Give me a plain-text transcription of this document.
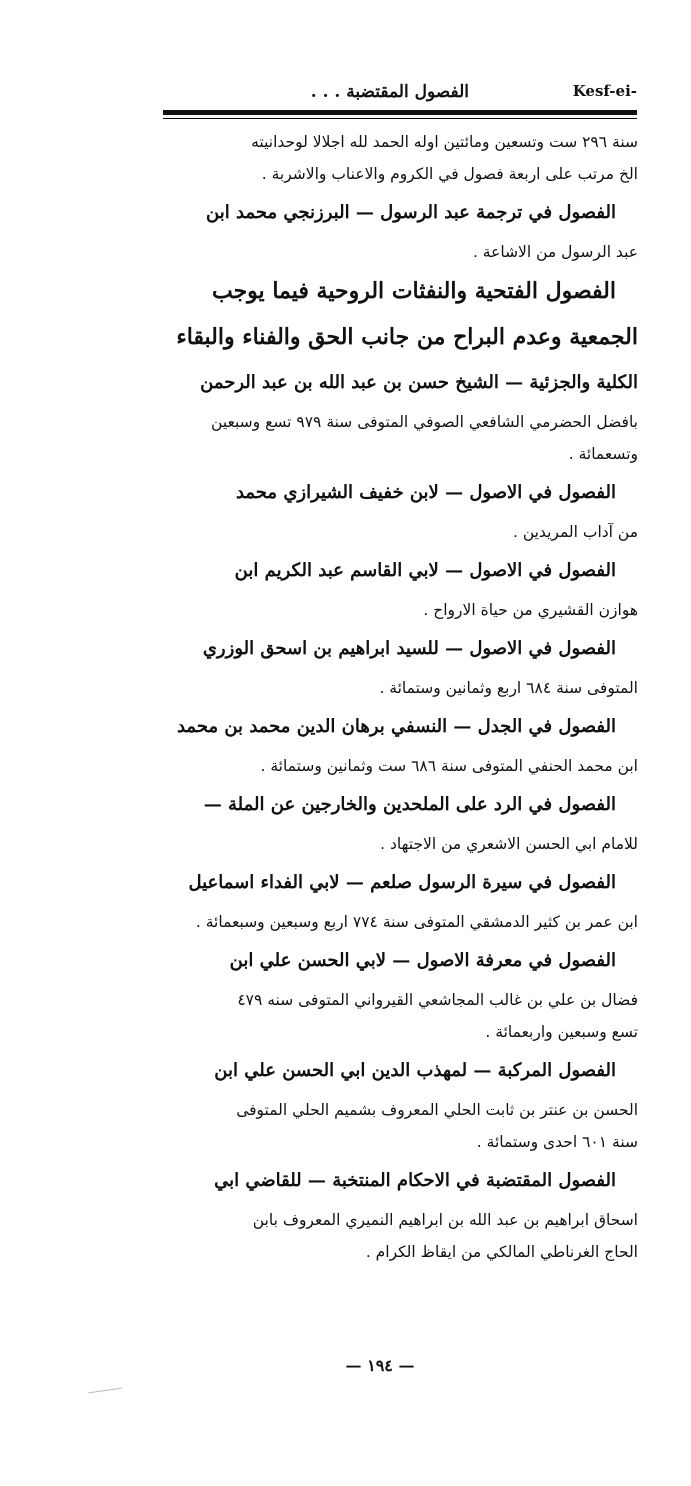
الفصول المقتضبة . . .	Kesf-ei-
سنة ٢٩٦ ست وتسعين ومائتين اوله الحمد لله اجلالا لوحدانيته
الخ مرتب على اربعة فصول في الكروم والاعناب والاشربة .
الفصول في ترجمة عبد الرسول — البرزنجي محمد ابن
عبد الرسول من الاشاعة .
الفصول الفتحية والنفثات الروحية فيما يوجب
الجمعية وعدم البراح من جانب الحق والفناء والبقاء
الكلية والجزئية — الشيخ حسن بن عبد الله بن عبد الرحمن
بافضل الحضرمي الشافعي الصوفي المتوفى سنة ٩٧٩ تسع وسبعين
وتسعمائة .
الفصول في الاصول — لابن خفيف الشيرازي محمد
من آداب المريدين .
الفصول في الاصول — لابي القاسم عبد الكريم ابن
هوازن القشيري من حياة الارواح .
الفصول في الاصول — للسيد ابراهيم بن اسحق الوزري
المتوفى سنة ٦٨٤ اربع وثمانين وستمائة .
الفصول في الجدل — النسفي برهان الدين محمد بن محمد
ابن محمد الحنفي المتوفى سنة ٦٨٦ ست وثمانين وستمائة .
الفصول في الرد على الملحدين والخارجين عن الملة —
للامام ابي الحسن الاشعري من الاجتهاد .
الفصول في سيرة الرسول صلعم — لابي الفداء اسماعيل
ابن عمر بن كثير الدمشقي المتوفى سنة ٧٧٤ اربع وسبعين وسبعمائة .
الفصول في معرفة الاصول — لابي الحسن علي ابن
فضال بن علي بن غالب المجاشعي القيرواني المتوفى سنه ٤٧٩
تسع وسبعين واربعمائة .
الفصول المركبة — لمهذب الدين ابي الحسن علي ابن
الحسن بن عنتر بن ثابت الحلي المعروف بشميم الحلي المتوفى
سنة ٦٠١ احدى وستمائة .
الفصول المقتضبة في الاحكام المنتخبة — للقاضي ابي
اسحاق ابراهيم بن عبد الله بن ابراهيم النميري المعروف بابن
الحاج الغرناطي المالكي من ايقاظ الكرام .
— ١٩٤ —
